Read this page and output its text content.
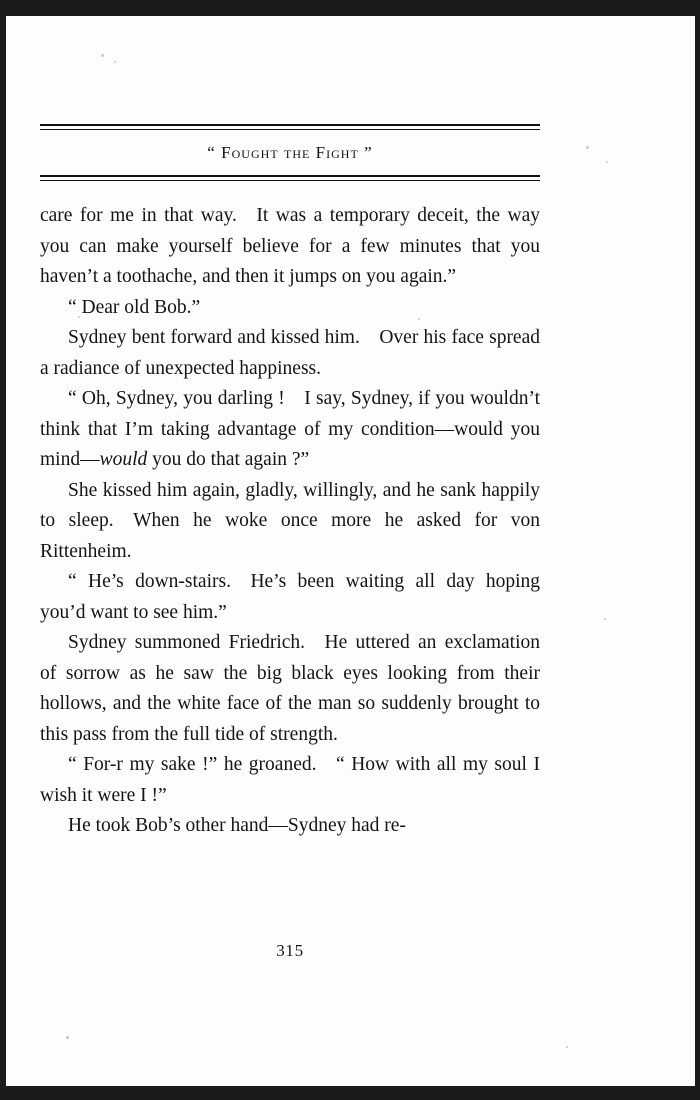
“ Fought the Fight ”

care for me in that way. It was a temporary deceit, the way you can make yourself believe for a few minutes that you haven’t a toothache, and then it jumps on you again.”

“ Dear old Bob.”

Sydney bent forward and kissed him. Over his face spread a radiance of unexpected happiness.

“ Oh, Sydney, you darling ! I say, Sydney, if you wouldn’t think that I’m taking advantage of my condition—would you mind—would you do that again ?”

She kissed him again, gladly, willingly, and he sank happily to sleep. When he woke once more he asked for von Rittenheim.

“ He’s down-stairs. He’s been waiting all day hoping you’d want to see him.”

Sydney summoned Friedrich. He uttered an exclamation of sorrow as he saw the big black eyes looking from their hollows, and the white face of the man so suddenly brought to this pass from the full tide of strength.

“ For-r my sake !” he groaned. “ How with all my soul I wish it were I !”

He took Bob’s other hand—Sydney had re-

315
